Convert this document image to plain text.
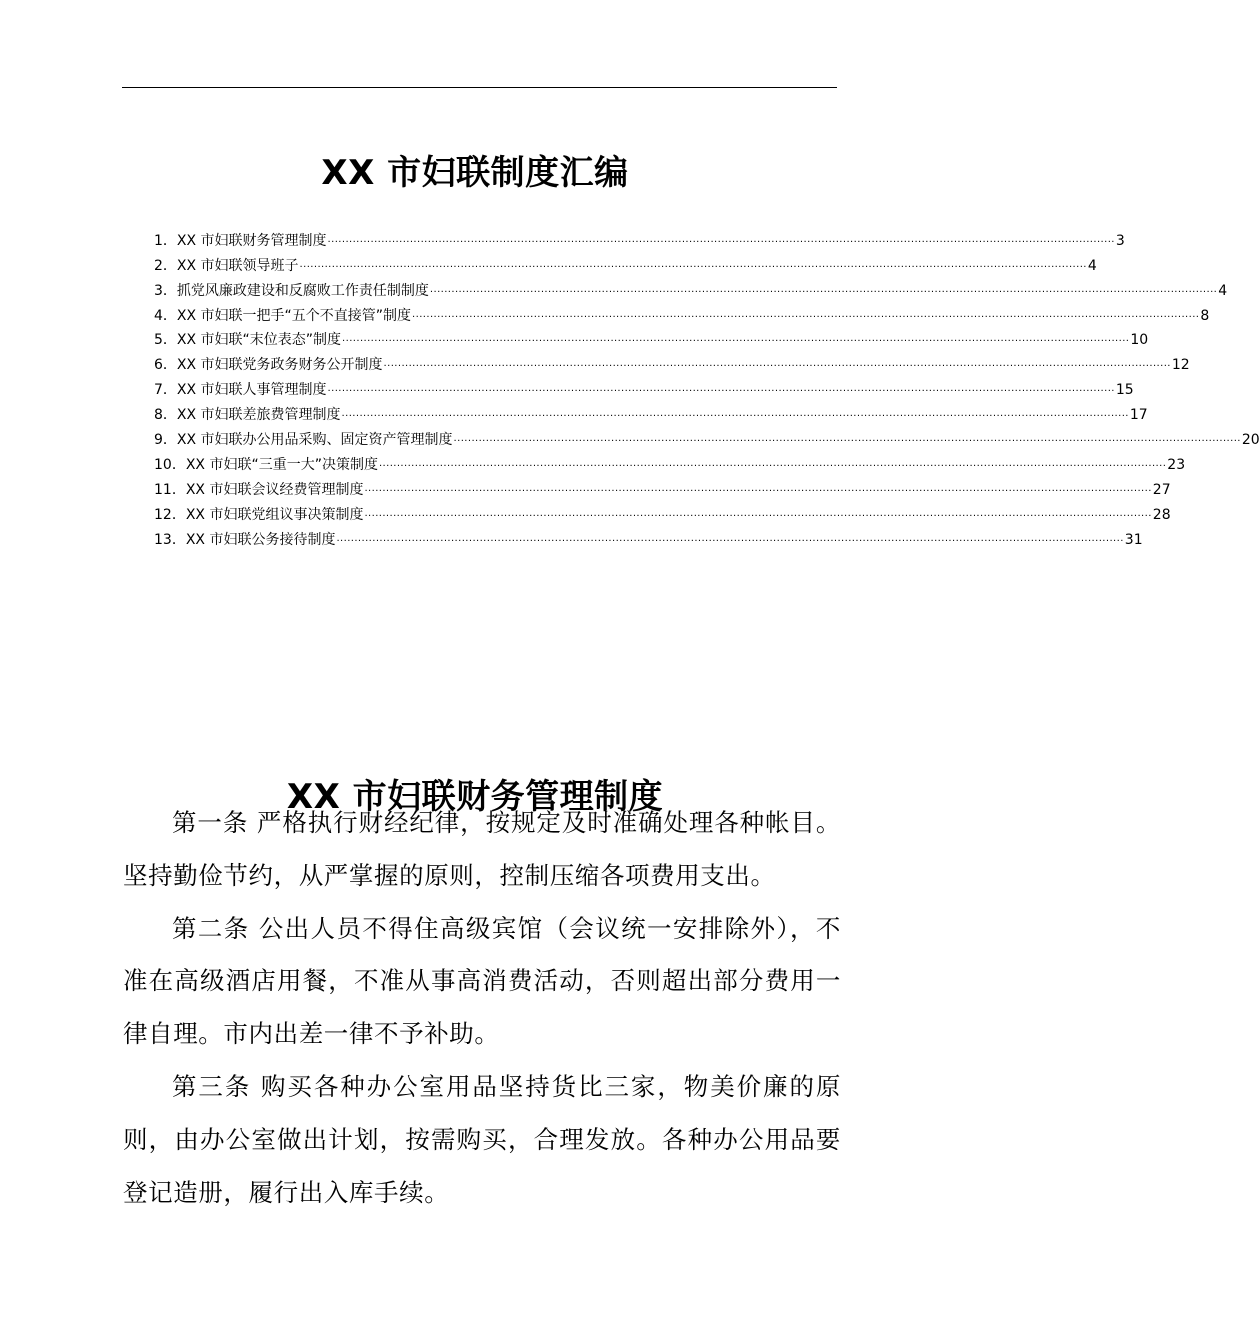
XX 市妇联制度汇编
1．XX 市妇联财务管理制度 ............................................................................................................................................................................................................................ 3
2．XX 市妇联领导班子 ............................................................................................................................................................................................................................ 4
3．抓党风廉政建设和反腐败工作责任制制度 ............................................................................................................................................................................................................................ 4
4．XX 市妇联一把手“五个不直接管”制度 ............................................................................................................................................................................................................................ 8
5．XX 市妇联“末位表态”制度 ............................................................................................................................................................................................................................ 10
6．XX 市妇联党务政务财务公开制度 ............................................................................................................................................................................................................................ 12
7．XX 市妇联人事管理制度 ............................................................................................................................................................................................................................ 15
8．XX 市妇联差旅费管理制度 ............................................................................................................................................................................................................................ 17
9．XX 市妇联办公用品采购、固定资产管理制度 ............................................................................................................................................................................................................................ 20
10．XX 市妇联“三重一大”决策制度 ............................................................................................................................................................................................................................ 23
11．XX 市妇联会议经费管理制度 ............................................................................................................................................................................................................................ 27
12．XX 市妇联党组议事决策制度 ............................................................................................................................................................................................................................ 28
13．XX 市妇联公务接待制度 ............................................................................................................................................................................................................................ 31
XX 市妇联财务管理制度

第一条 严格执行财经纪律，按规定及时准确处理各种帐目。坚持勤俭节约，从严掌握的原则，控制压缩各项费用支出。

第二条 公出人员不得住高级宾馆（会议统一安排除外），不准在高级酒店用餐，不准从事高消费活动，否则超出部分费用一律自理。市内出差一律不予补助。

第三条 购买各种办公室用品坚持货比三家，物美价廉的原则，由办公室做出计划，按需购买，合理发放。各种办公用品要登记造册，履行出入库手续。
